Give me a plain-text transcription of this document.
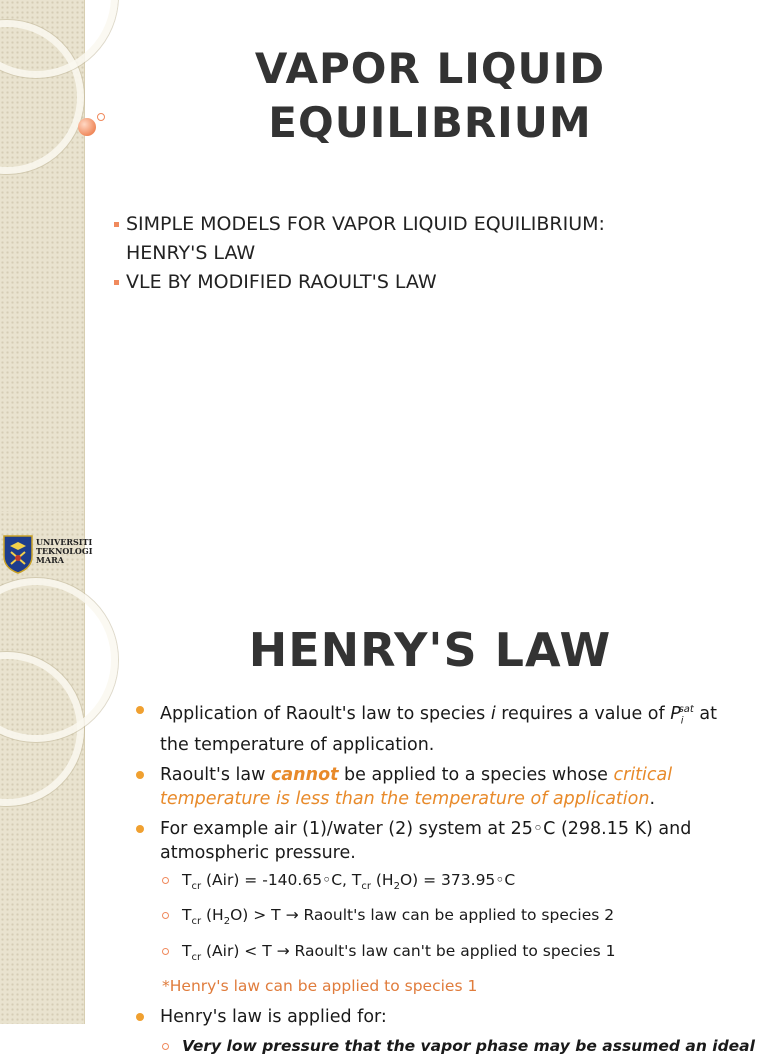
VAPOR LIQUID
EQUILIBRIUM
SIMPLE MODELS FOR VAPOR LIQUID EQUILIBRIUM:
HENRY'S LAW
VLE BY MODIFIED RAOULT'S LAW
UNIVERSITI
TEKNOLOGI
MARA
HENRY'S LAW
Application of Raoult's law to species i requires a value of $P_i^{sat}$ at the temperature of application.
Raoult's law cannot be applied to a species whose critical temperature is less than the temperature of application.
For example air (1)/water (2) system at 25◦C (298.15 K) and atmospheric pressure.
$T_{cr}$ (Air) = -140.65◦C, $T_{cr}$ $(H_2O)$ = 373.95◦C
$T_{cr}$ $(H_2O) > T$ → Raoult's law can be applied to species 2
$T_{cr}$ (Air) < T → Raoult's law can't be applied to species 1
*Henry's law can be applied to species 1
Henry's law is applied for:
Very low pressure that the vapor phase may be assumed an ideal
